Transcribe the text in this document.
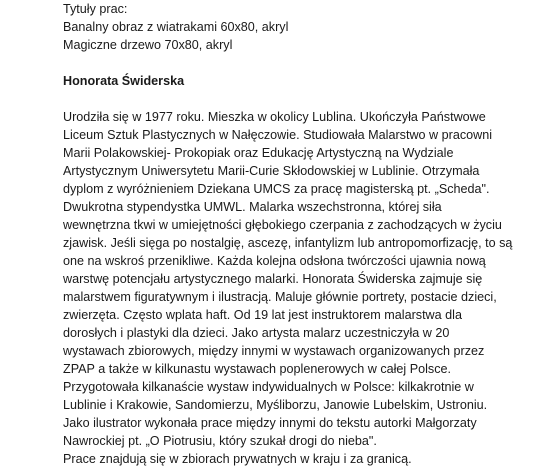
Tytuły prac:
Banalny obraz z wiatrakami 60x80, akryl
Magiczne drzewo 70x80, akryl
Honorata Świderska
Urodziła się w 1977 roku. Mieszka w okolicy Lublina. Ukończyła Państwowe
Liceum Sztuk Plastycznych w Nałęczowie. Studiowała Malarstwo w pracowni
Marii Polakowskiej- Prokopiak oraz Edukację Artystyczną na Wydziale
Artystycznym Uniwersytetu Marii-Curie Skłodowskiej w Lublinie. Otrzymała
dyplom z wyróżnieniem Dziekana UMCS za pracę magisterską pt. „Scheda".
Dwukrotna stypendystka UMWL. Malarka wszechstronna, której siła
wewnętrzna tkwi w umiejętności głębokiego czerpania z zachodzących w życiu
zjawisk. Jeśli sięga po nostalgię, ascezę, infantylizm lub antropomorfizację, to są
one na wskroś przenikliwe. Każda kolejna odsłona twórczości ujawnia nową
warstwę potencjału artystycznego malarki. Honorata Świderska zajmuje się
malarstwem figuratywnym i ilustracją. Maluje głównie portrety, postacie dzieci,
zwierzęta. Często wplata haft. Od 19 lat jest instruktorem malarstwa dla
dorosłych i plastyki dla dzieci. Jako artysta malarz uczestniczyła w 20
wystawach zbiorowych, między innymi w wystawach organizowanych przez
ZPAP a także w kilkunastu wystawach poplenerowych w całej Polsce.
Przygotowała kilkanaście wystaw indywidualnych w Polsce: kilkakrotnie w
Lublinie i Krakowie, Sandomierzu, Myśliborzu, Janowie Lubelskim, Ustroniu.
Jako ilustrator wykonała prace między innymi do tekstu autorki Małgorzaty
Nawrockiej pt. „O Piotrusiu, który szukał drogi do nieba".
Prace znajdują się w zbiorach prywatnych w kraju i za granicą.
